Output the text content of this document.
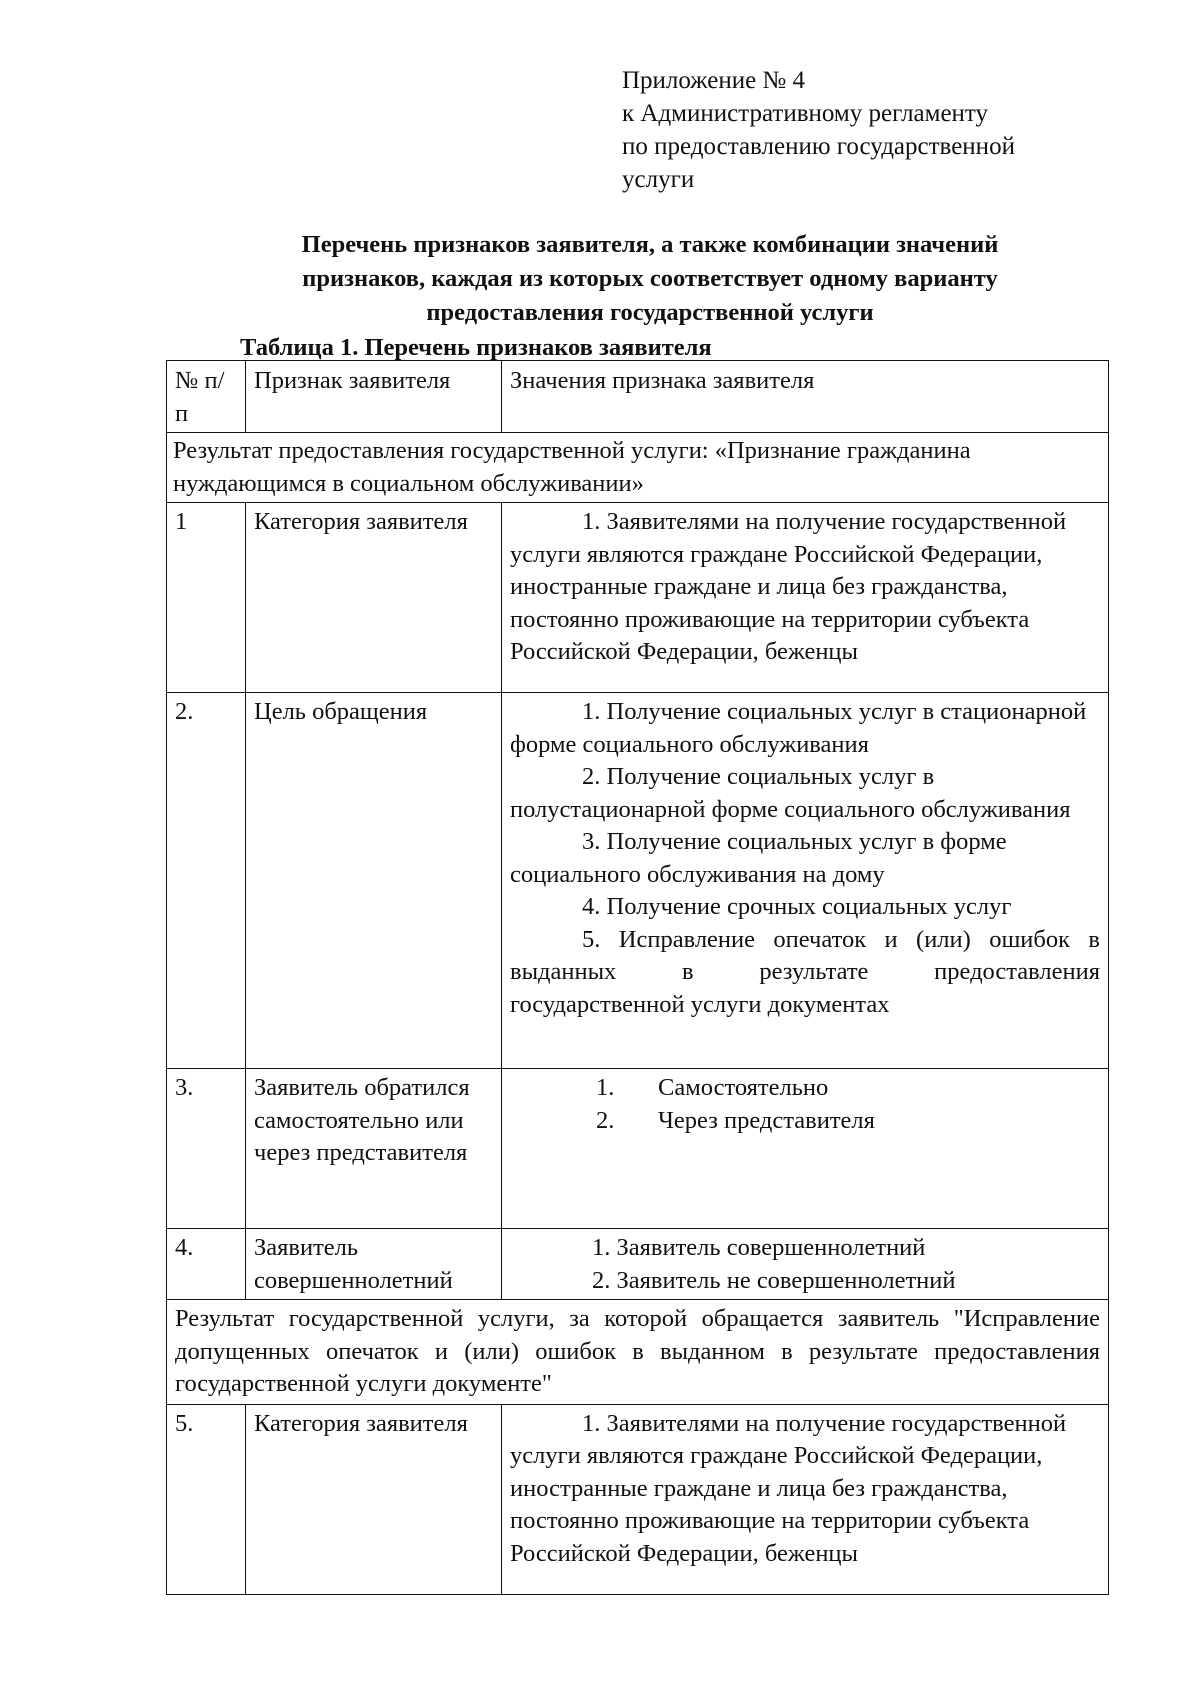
Приложение № 4
к Административному регламенту
по предоставлению государственной
услуги
Перечень признаков заявителя, а также комбинации значений
признаков, каждая из которых соответствует одному варианту
предоставления государственной услуги
Таблица 1. Перечень признаков заявителя
№ п/п	Признак заявителя	Значения признака заявителя
Результат предоставления государственной услуги: «Признание гражданина нуждающимся в социальном обслуживании»		
1	Категория заявителя	1. Заявителями на получение государственной услуги являются граждане Российской Федерации, иностранные граждане и лица без гражданства, постоянно проживающие на территории субъекта Российской Федерации, беженцы

2.	Цель обращения	1. Получение социальных услуг в стационарной форме социального обслуживания
2. Получение социальных услуг в полустационарной форме социального обслуживания
3. Получение социальных услуг в форме социального обслуживания на дому
4. Получение срочных социальных услуг
5. Исправление опечаток и (или) ошибок в выданных в результате предоставления государственной услуги документах

3.	Заявитель обратился самостоятельно или через представителя	1. Самостоятельно
2. Через представителя

4.	Заявитель совершеннолетний	1. Заявитель совершеннолетний
2. Заявитель не совершеннолетний

Результат государственной услуги, за которой обращается заявитель "Исправление допущенных опечаток и (или) ошибок в выданном в результате предоставления государственной услуги документе"		
5.	Категория заявителя	1. Заявителями на получение государственной услуги являются граждане Российской Федерации, иностранные граждане и лица без гражданства, постоянно проживающие на территории субъекта Российской Федерации, беженцы
